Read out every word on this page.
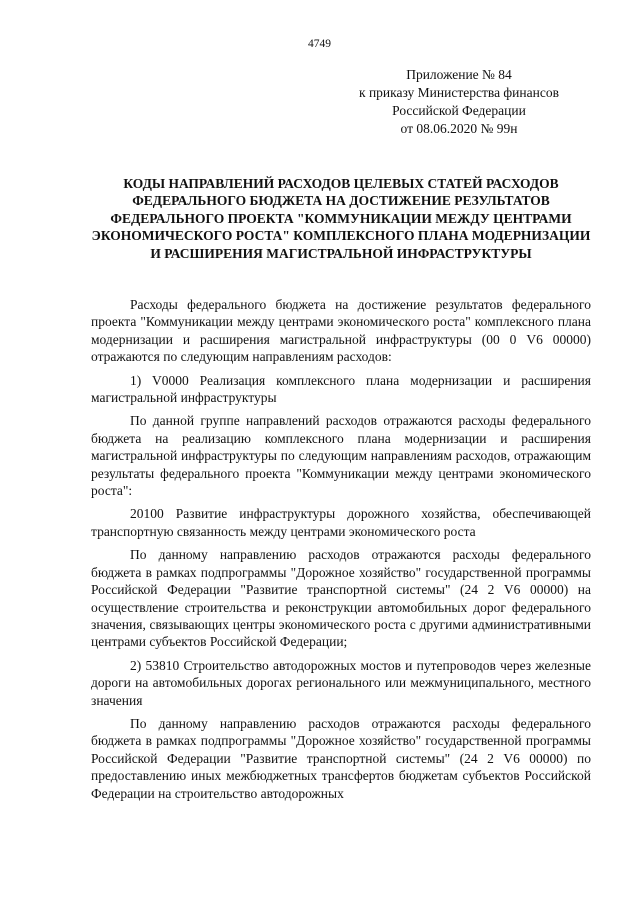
4749
Приложение № 84
к приказу Министерства финансов
Российской Федерации
от 08.06.2020 № 99н
КОДЫ НАПРАВЛЕНИЙ РАСХОДОВ ЦЕЛЕВЫХ СТАТЕЙ РАСХОДОВ ФЕДЕРАЛЬНОГО БЮДЖЕТА НА ДОСТИЖЕНИЕ РЕЗУЛЬТАТОВ ФЕДЕРАЛЬНОГО ПРОЕКТА "КОММУНИКАЦИИ МЕЖДУ ЦЕНТРАМИ ЭКОНОМИЧЕСКОГО РОСТА" КОМПЛЕКСНОГО ПЛАНА МОДЕРНИЗАЦИИ И РАСШИРЕНИЯ МАГИСТРАЛЬНОЙ ИНФРАСТРУКТУРЫ

Расходы федерального бюджета на достижение результатов федерального проекта "Коммуникации между центрами экономического роста" комплексного плана модернизации и расширения магистральной инфраструктуры (00 0 V6 00000) отражаются по следующим направлениям расходов:

1) V0000 Реализация комплексного плана модернизации и расширения магистральной инфраструктуры

По данной группе направлений расходов отражаются расходы федерального бюджета на реализацию комплексного плана модернизации и расширения магистральной инфраструктуры по следующим направлениям расходов, отражающим результаты федерального проекта "Коммуникации между центрами экономического роста":

20100 Развитие инфраструктуры дорожного хозяйства, обеспечивающей транспортную связанность между центрами экономического роста

По данному направлению расходов отражаются расходы федерального бюджета в рамках подпрограммы "Дорожное хозяйство" государственной программы Российской Федерации "Развитие транспортной системы" (24 2 V6 00000) на осуществление строительства и реконструкции автомобильных дорог федерального значения, связывающих центры экономического роста с другими административными центрами субъектов Российской Федерации;

2) 53810 Строительство автодорожных мостов и путепроводов через железные дороги на автомобильных дорогах регионального или межмуниципального, местного значения

По данному направлению расходов отражаются расходы федерального бюджета в рамках подпрограммы "Дорожное хозяйство" государственной программы Российской Федерации "Развитие транспортной системы" (24 2 V6 00000) по предоставлению иных межбюджетных трансфертов бюджетам субъектов Российской Федерации на строительство автодорожных
